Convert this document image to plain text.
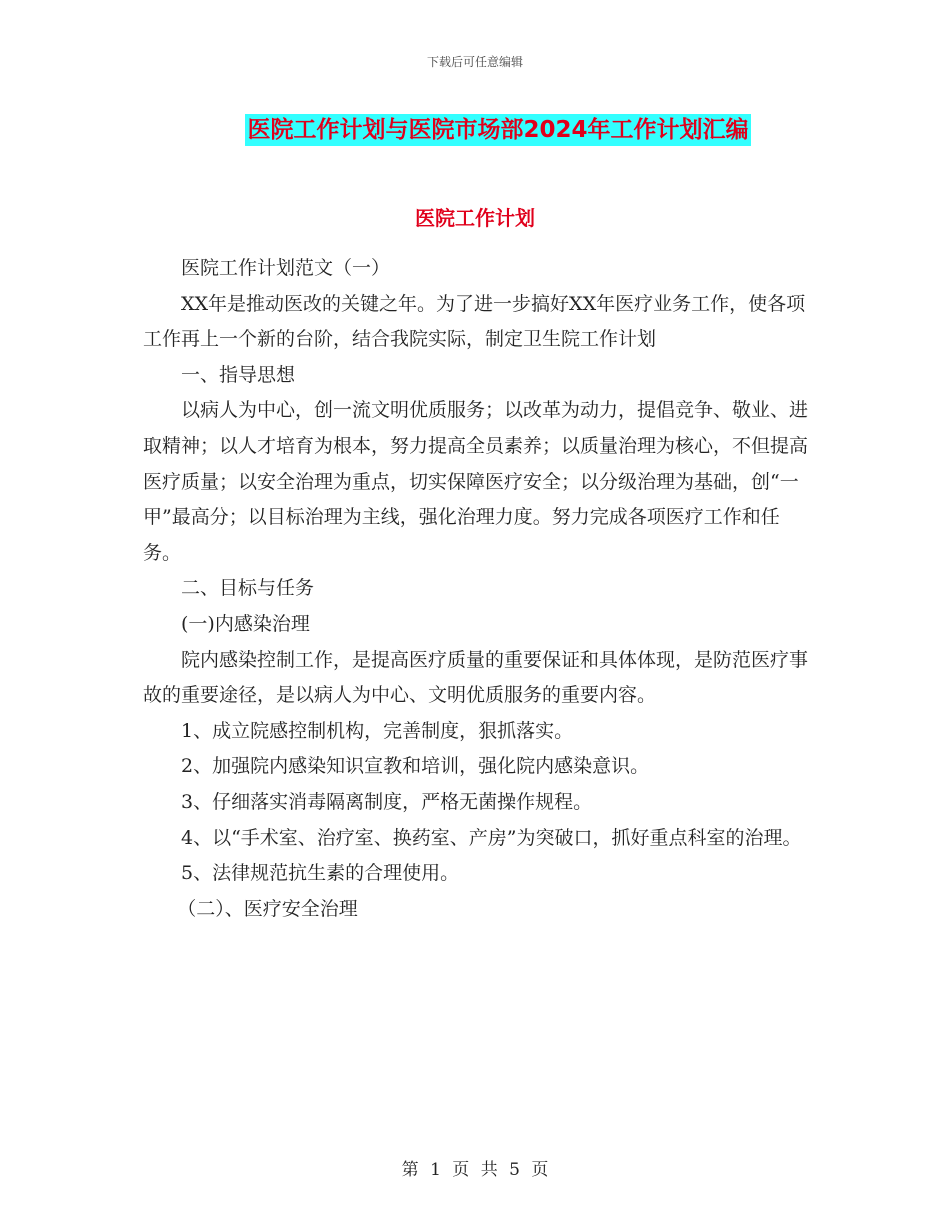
下载后可任意编辑
医院工作计划与医院市场部2024年工作计划汇编
医院工作计划

医院工作计划范文（一）

XX年是推动医改的关键之年。为了进一步搞好XX年医疗业务工作，使各项工作再上一个新的台阶，结合我院实际，制定卫生院工作计划

一、指导思想

以病人为中心，创一流文明优质服务；以改革为动力，提倡竞争、敬业、进取精神；以人才培育为根本，努力提高全员素养；以质量治理为核心，不但提高医疗质量；以安全治理为重点，切实保障医疗安全；以分级治理为基础，创“一甲”最高分；以目标治理为主线，强化治理力度。努力完成各项医疗工作和任务。

二、目标与任务

(一)内感染治理

院内感染控制工作，是提高医疗质量的重要保证和具体体现，是防范医疗事故的重要途径，是以病人为中心、文明优质服务的重要内容。

1、成立院感控制机构，完善制度，狠抓落实。

2、加强院内感染知识宣教和培训，强化院内感染意识。

3、仔细落实消毒隔离制度，严格无菌操作规程。

4、以“手术室、治疗室、换药室、产房”为突破口，抓好重点科室的治理。

5、法律规范抗生素的合理使用。

（二）、医疗安全治理

第 1 页 共 5 页
